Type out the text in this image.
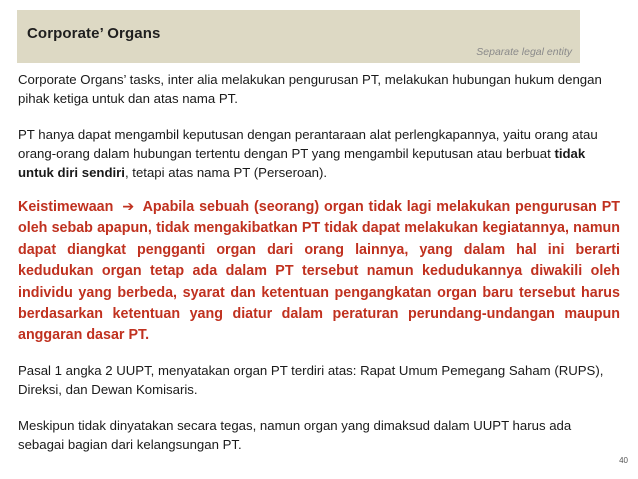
Corporate’ Organs
Separate legal entity

Corporate Organs’ tasks, inter alia melakukan pengurusan PT, melakukan hubungan hukum dengan pihak ketiga untuk dan atas nama PT.

PT hanya dapat mengambil keputusan dengan perantaraan alat perlengkapannya, yaitu orang atau orang-orang dalam hubungan tertentu dengan PT yang mengambil keputusan atau berbuat tidak untuk diri sendiri, tetapi atas nama PT (Perseroan).

Keistimewaan ➔ Apabila sebuah (seorang) organ tidak lagi melakukan pengurusan PT oleh sebab apapun, tidak mengakibatkan PT tidak dapat melakukan kegiatannya, namun dapat diangkat pengganti organ dari orang lainnya, yang dalam hal ini berarti kedudukan organ tetap ada dalam PT tersebut namun kedudukannya diwakili oleh individu yang berbeda, syarat dan ketentuan pengangkatan organ baru tersebut harus berdasarkan ketentuan yang diatur dalam peraturan perundang-undangan maupun anggaran dasar PT.

Pasal 1 angka 2 UUPT, menyatakan organ PT terdiri atas: Rapat Umum Pemegang Saham (RUPS), Direksi, dan Dewan Komisaris.

Meskipun tidak dinyatakan secara tegas, namun organ yang dimaksud dalam UUPT harus ada sebagai bagian dari kelangsungan PT.

40
